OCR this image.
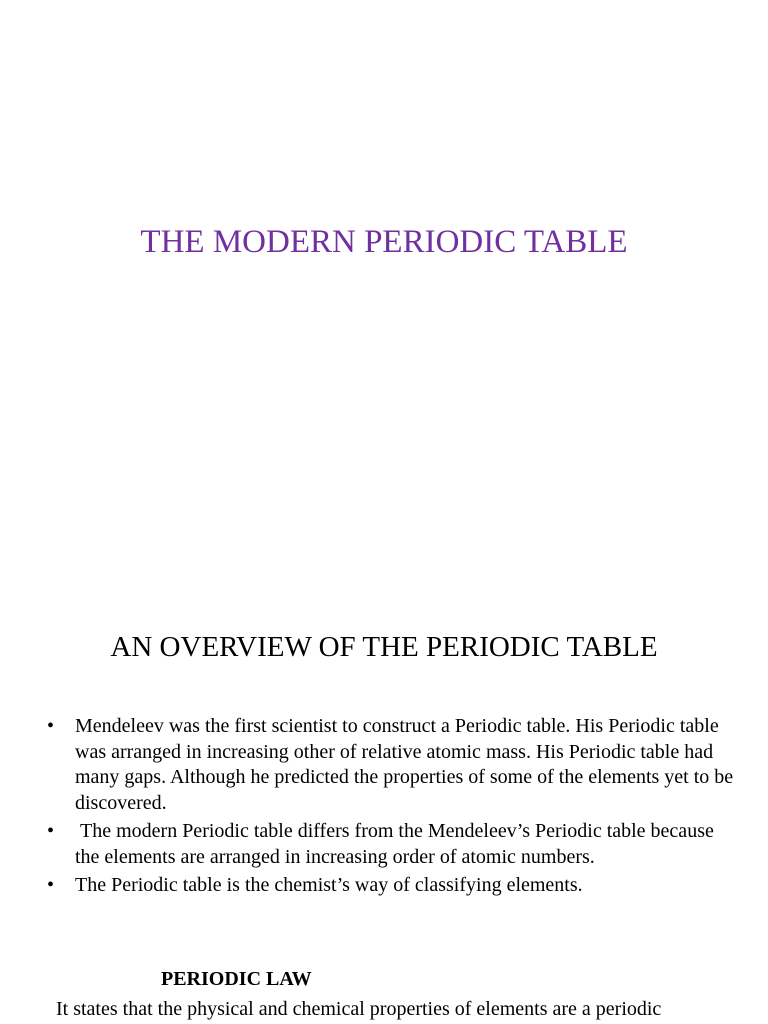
THE MODERN PERIODIC TABLE
AN OVERVIEW OF THE PERIODIC TABLE
•	Mendeleev was the first scientist to construct a Periodic table. His Periodic table was arranged in increasing other of relative atomic mass. His Periodic table had many gaps. Although he predicted the properties of some of the elements yet to be discovered.
•	The modern Periodic table differs from the Mendeleev’s Periodic table because the elements are arranged in increasing order of atomic numbers.
•	The Periodic table is the chemist’s way of classifying elements.
PERIODIC LAW
It states that the physical and chemical properties of elements are a periodic
